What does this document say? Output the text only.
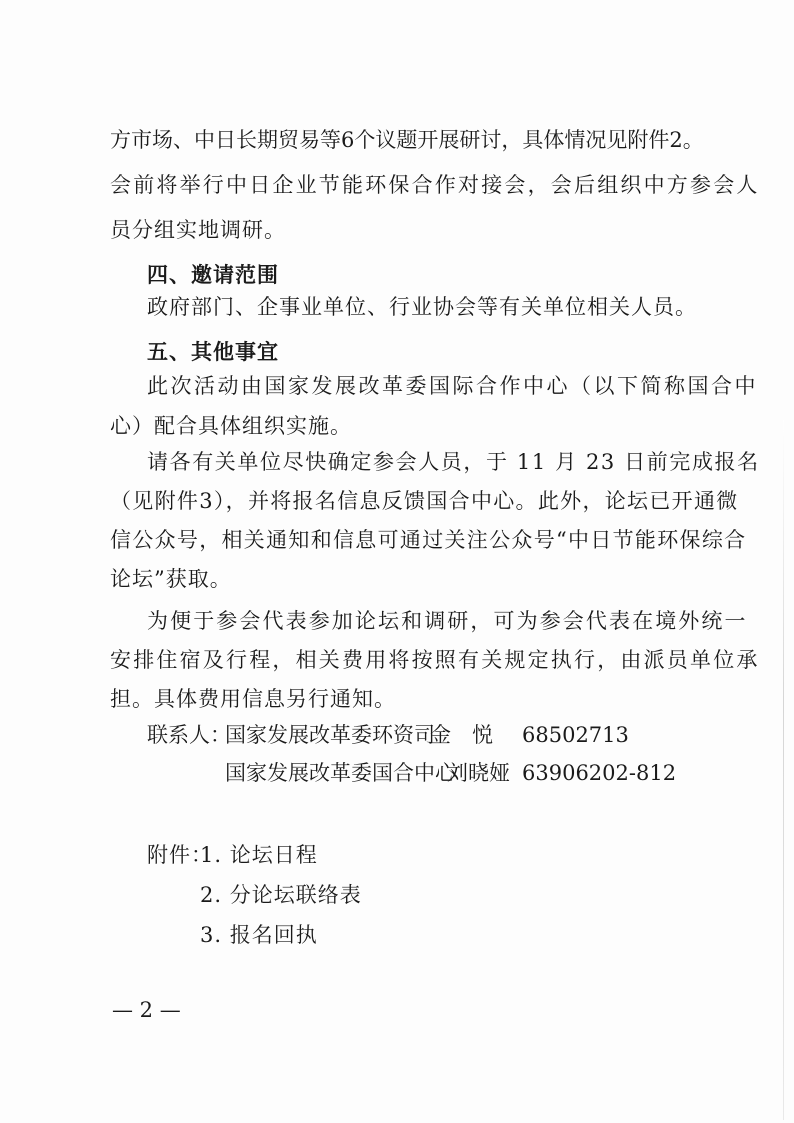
方市场、中日长期贸易等6个议题开展研讨，具体情况见附件2。
会前将举行中日企业节能环保合作对接会，会后组织中方参会人
员分组实地调研。
四、邀请范围
政府部门、企事业单位、行业协会等有关单位相关人员。
五、其他事宜
此次活动由国家发展改革委国际合作中心（以下简称国合中
心）配合具体组织实施。
请各有关单位尽快确定参会人员，于 11 月 23 日前完成报名
（见附件3），并将报名信息反馈国合中心。此外，论坛已开通微
信公众号，相关通知和信息可通过关注公众号“中日节能环保综合
论坛”获取。
为便于参会代表参加论坛和调研，可为参会代表在境外统一
安排住宿及行程，相关费用将按照有关规定执行，由派员单位承
担。具体费用信息另行通知。
联系人：
国家发展改革委环资司
金　悦 68502713
国家发展改革委国合中心
刘晓娅 63906202-812
附件：
1. 论坛日程
2. 分论坛联络表
3. 报名回执
— 2 —
